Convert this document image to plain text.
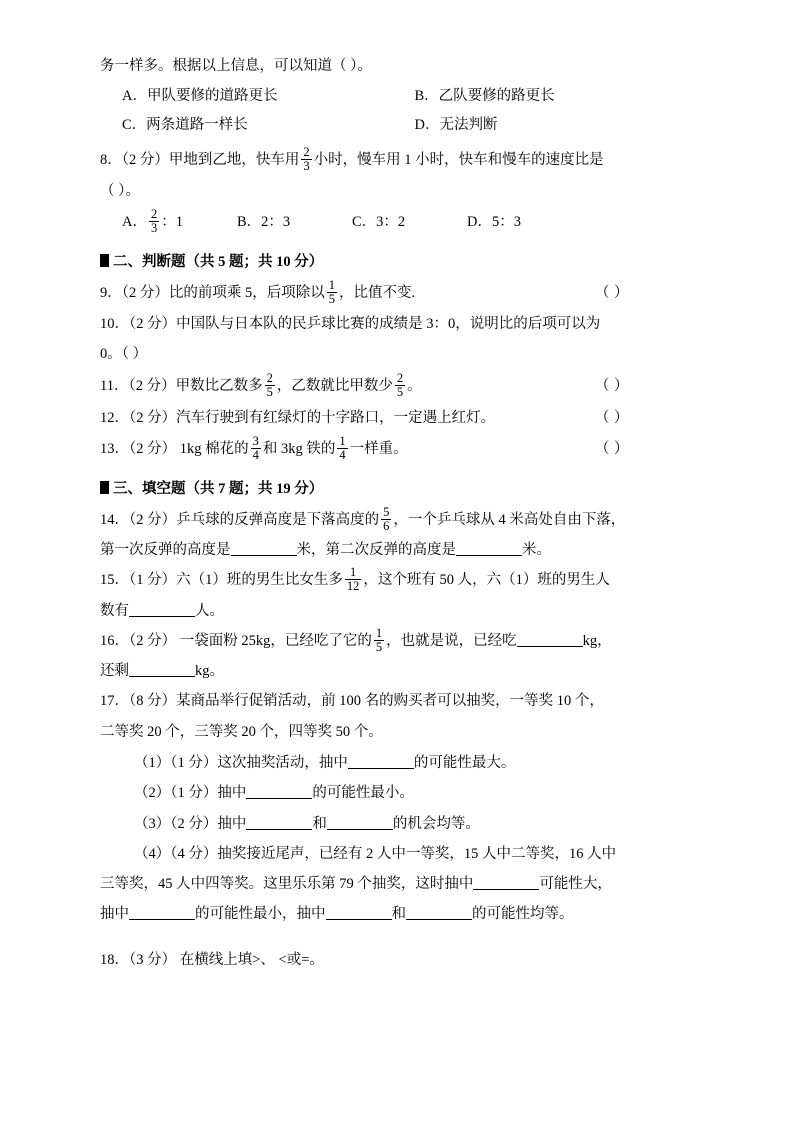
务一样多。根据以上信息，可以知道（ ）。
A．甲队要修的道路更长	B．乙队要修的路更长
C．两条道路一样长	D．无法判断
8．（2 分）甲地到乙地，快车用 $\frac{2}{3}$ 小时，慢车用 1 小时，快车和慢车的速度比是
（ ）。
A． $\frac{2}{3}$ ：1	B．2：3	C．3：2	D．5：3
二、判断题（共 5 题；共 10 分）
9．（2 分）比的前项乘 5，后项除以 $\frac{1}{5}$ ，比值不变.	（ ）
10．（2 分）中国队与日本队的民乒球比赛的成绩是 3：0，说明比的后项可以为
0。（ ）
11．（2 分）甲数比乙数多 $\frac{2}{5}$ ，乙数就比甲数少 $\frac{2}{5}$ 。	（ ）
12．（2 分）汽车行驶到有红绿灯的十字路口，一定遇上红灯。	（ ）
13．（2 分） 1kg 棉花的 $\frac{3}{4}$ 和 3kg 铁的 $\frac{1}{4}$ 一样重。	（ ）
三、填空题（共 7 题；共 19 分）
14．（2 分）乒乓球的反弹高度是下落高度的 $\frac{5}{6}$ ，一个乒乓球从 4 米高处自由下落，
第一次反弹的高度是	米，第二次反弹的高度是	米。
15．（1 分）六（1）班的男生比女生多 $\frac{1}{12}$ ，这个班有 50 人，六（1）班的男生人
数有	人。
16．（2 分） 一袋面粉 25kg，已经吃了它的 $\frac{1}{5}$ ，也就是说，已经吃	kg，
还剩	kg。
17．（8 分）某商品举行促销活动，前 100 名的购买者可以抽奖，一等奖 10 个，
二等奖 20 个，三等奖 20 个，四等奖 50 个。
（1）（1 分）这次抽奖活动，抽中	的可能性最大。
（2）（1 分）抽中	的可能性最小。
（3）（2 分）抽中	和	的机会均等。
（4）（4 分）抽奖接近尾声，已经有 2 人中一等奖，15 人中二等奖，16 人中
三等奖，45 人中四等奖。这里乐乐第 79 个抽奖，这时抽中	可能性大，
抽中	的可能性最小，抽中	和	的可能性均等。
18．（3 分） 在横线上填>、 <或=。
